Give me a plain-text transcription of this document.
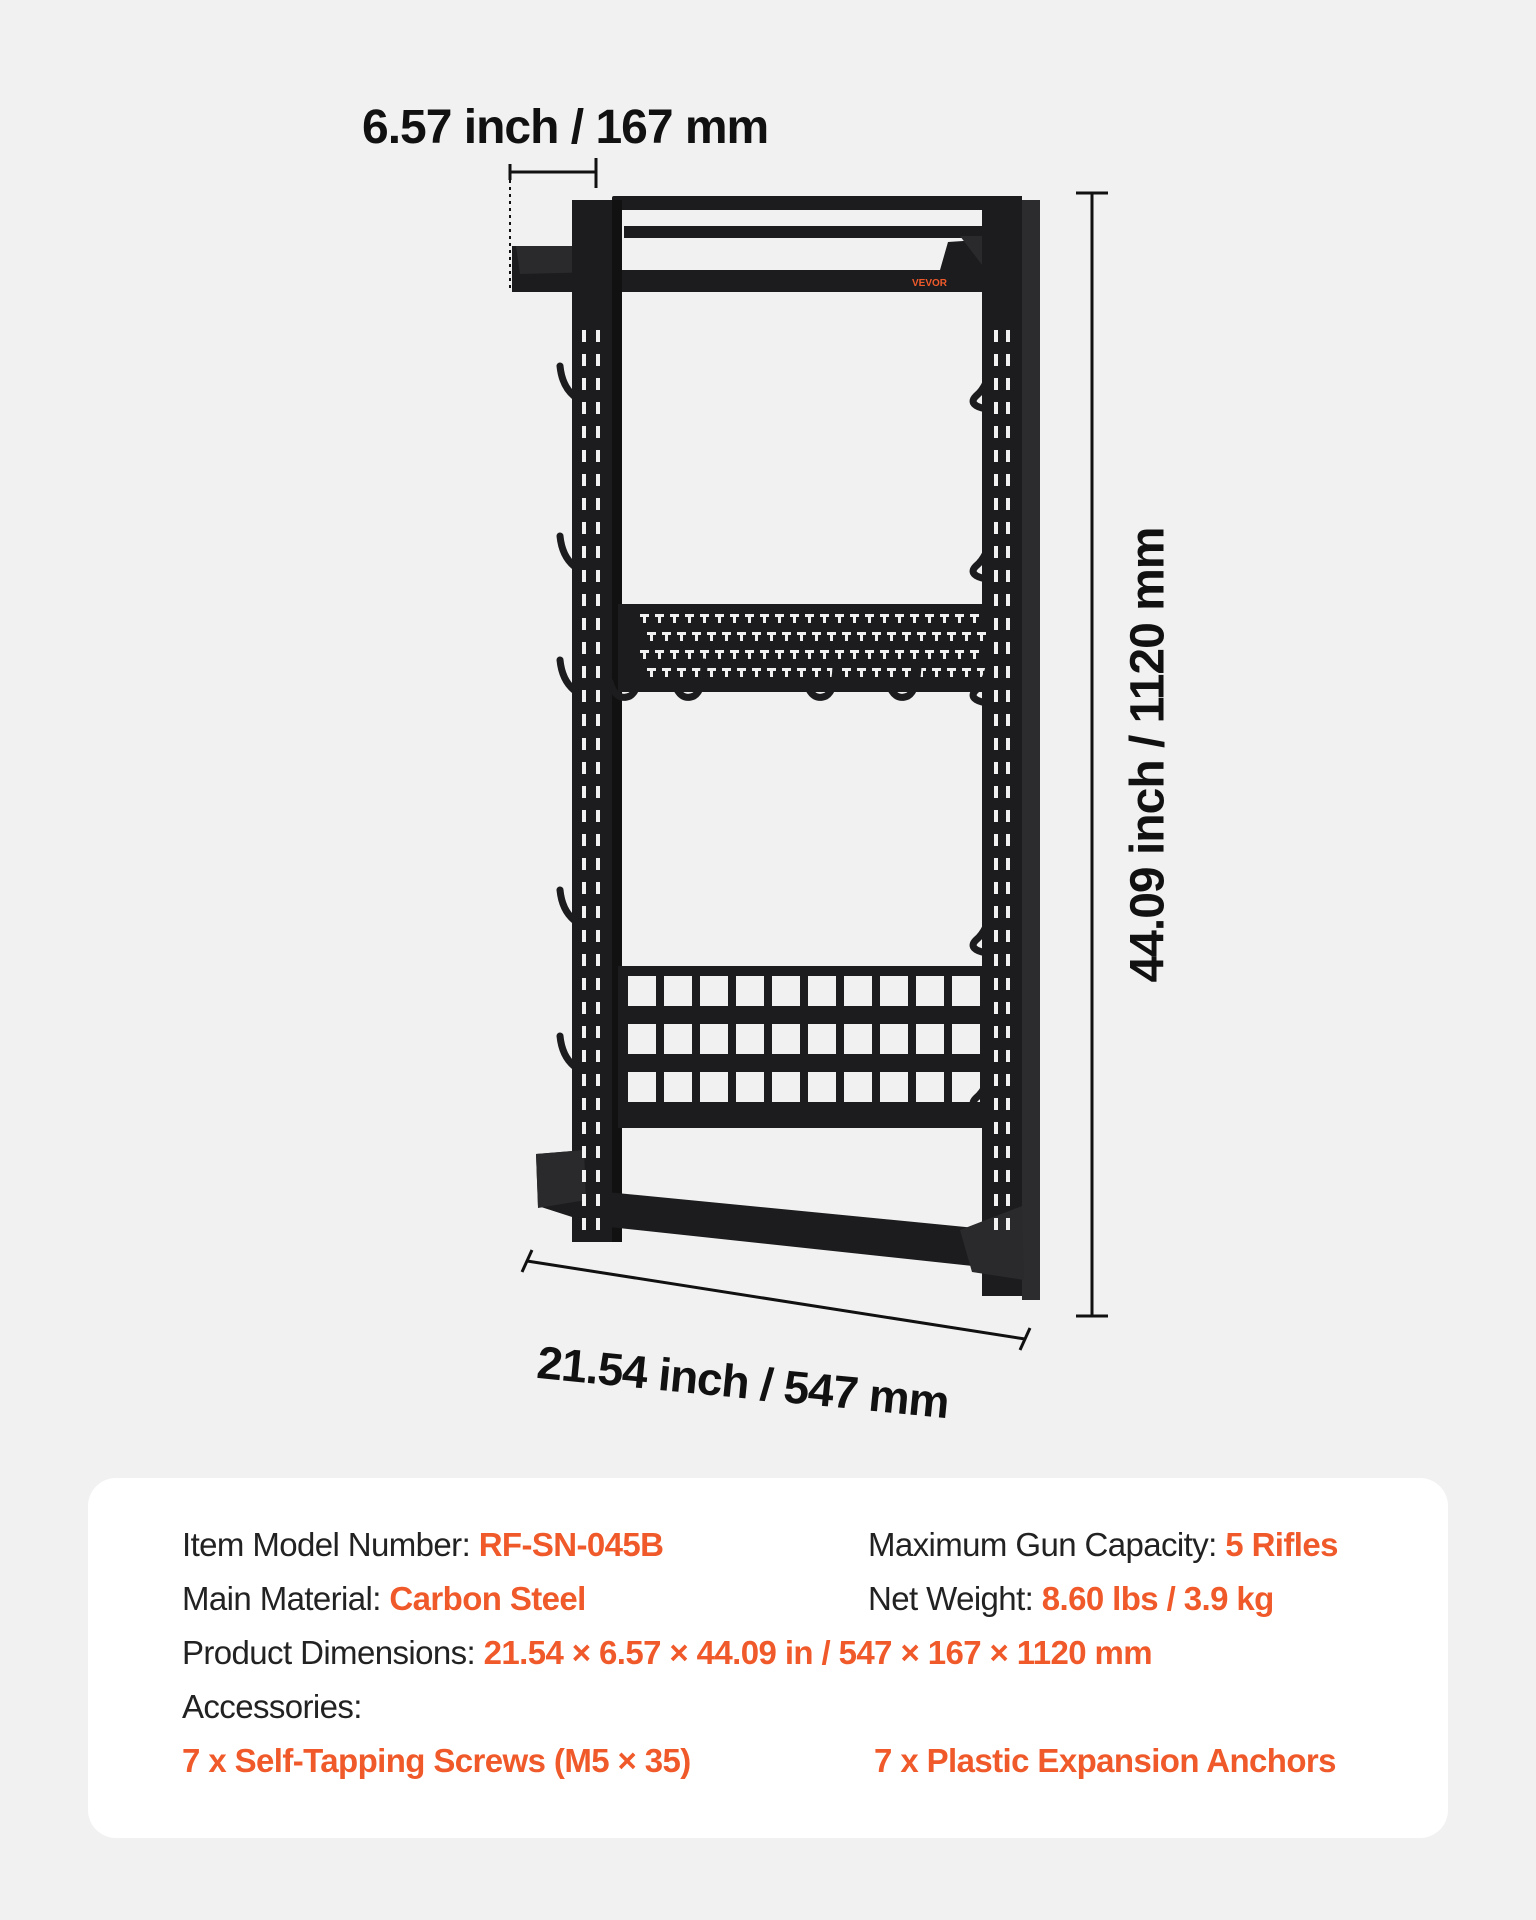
VEVOR
6.57 inch / 167 mm
44.09 inch / 1120 mm
21.54 inch / 547 mm
Item Model Number: RF-SN-045B	Maximum Gun Capacity: 5 Rifles
Main Material: Carbon Steel	Net Weight: 8.60 lbs / 3.9 kg
Product Dimensions: 21.54 × 6.57 × 44.09 in / 547 × 167 × 1120 mm
Accessories:
7 x Self-Tapping Screws (M5 × 35)	7 x Plastic Expansion Anchors
